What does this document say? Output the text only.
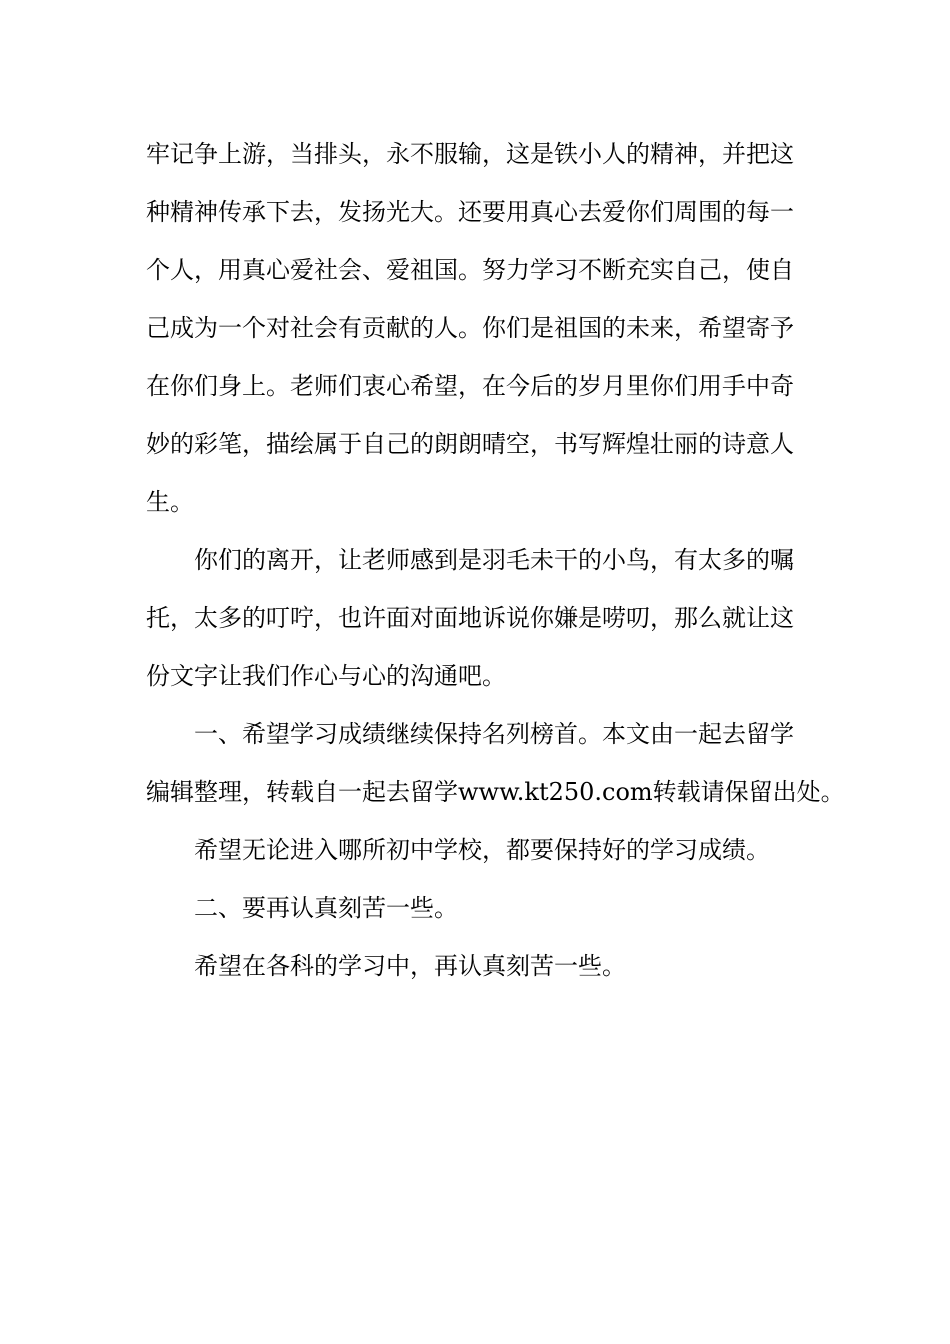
牢记争上游，当排头，永不服输，这是铁小人的精神，并把这
种精神传承下去，发扬光大。还要用真心去爱你们周围的每一
个人，用真心爱社会、爱祖国。努力学习不断充实自己，使自
己成为一个对社会有贡献的人。你们是祖国的未来，希望寄予
在你们身上。老师们衷心希望，在今后的岁月里你们用手中奇
妙的彩笔，描绘属于自己的朗朗晴空，书写辉煌壮丽的诗意人
生。
你们的离开，让老师感到是羽毛未干的小鸟，有太多的嘱
托，太多的叮咛，也许面对面地诉说你嫌是唠叨，那么就让这
份文字让我们作心与心的沟通吧。
一、希望学习成绩继续保持名列榜首。本文由一起去留学
编辑整理，转载自一起去留学www.kt250.com转载请保留出处。
希望无论进入哪所初中学校，都要保持好的学习成绩。
二、要再认真刻苦一些。
希望在各科的学习中，再认真刻苦一些。
